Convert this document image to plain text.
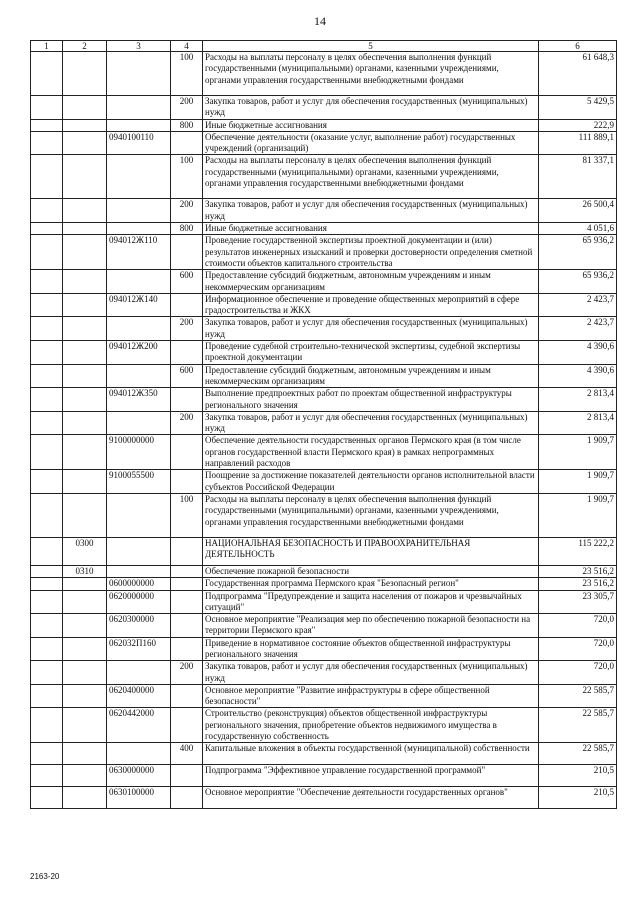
14
1	2	3	4	5	6
			100	Расходы на выплаты персоналу в целях обеспечения выполнения функций государственными (муниципальными) органами, казенными учреждениями, органами управления государственными внебюджетными фондами	61 648,3
			200	Закупка товаров, работ и услуг для обеспечения государственных (муниципальных) нужд	5 429,5
			800	Иные бюджетные ассигнования	222,9
		0940100110		Обеспечение деятельности (оказание услуг, выполнение работ) государственных учреждений (организаций)	111 889,1
			100	Расходы на выплаты персоналу в целях обеспечения выполнения функций государственными (муниципальными) органами, казенными учреждениями, органами управления государственными внебюджетными фондами	81 337,1
			200	Закупка товаров, работ и услуг для обеспечения государственных (муниципальных) нужд	26 500,4
			800	Иные бюджетные ассигнования	4 051,6
		094012Ж110		Проведение государственной экспертизы проектной документации и (или) результатов инженерных изысканий и проверки достоверности определения сметной стоимости объектов капитального строительства	65 936,2
			600	Предоставление субсидий бюджетным, автономным учреждениям и иным некоммерческим организациям	65 936,2
		094012Ж140		Информационное обеспечение и проведение общественных мероприятий в сфере градостроительства и ЖКХ	2 423,7
			200	Закупка товаров, работ и услуг для обеспечения государственных (муниципальных) нужд	2 423,7
		094012Ж200		Проведение судебной строительно-технической экспертизы, судебной экспертизы проектной документации	4 390,6
			600	Предоставление субсидий бюджетным, автономным учреждениям и иным некоммерческим организациям	4 390,6
		094012Ж350		Выполнение предпроектных работ по проектам общественной инфраструктуры регионального значения	2 813,4
			200	Закупка товаров, работ и услуг для обеспечения государственных (муниципальных) нужд	2 813,4
		9100000000		Обеспечение деятельности государственных органов Пермского края (в том числе органов государственной власти Пермского края) в рамках непрограммных направлений расходов	1 909,7
		9100055500		Поощрение за достижение показателей деятельности органов исполнительной власти субъектов Российской Федерации	1 909,7
			100	Расходы на выплаты персоналу в целях обеспечения выполнения функций государственными (муниципальными) органами, казенными учреждениями, органами управления государственными внебюджетными фондами	1 909,7
	0300			НАЦИОНАЛЬНАЯ БЕЗОПАСНОСТЬ И ПРАВООХРАНИТЕЛЬНАЯ ДЕЯТЕЛЬНОСТЬ	115 222,2
	0310			Обеспечение пожарной безопасности	23 516,2
		0600000000		Государственная программа Пермского края "Безопасный регион"	23 516,2
		0620000000		Подпрограмма "Предупреждение и защита населения от пожаров и чрезвычайных ситуаций"	23 305,7
		0620300000		Основное мероприятие "Реализация мер по обеспечению пожарной безопасности на территории Пермского края"	720,0
		062032П160		Приведение в нормативное состояние объектов общественной инфраструктуры регионального значения	720,0
			200	Закупка товаров, работ и услуг для обеспечения государственных (муниципальных) нужд	720,0
		0620400000		Основное мероприятие "Развитие инфраструктуры в сфере общественной безопасности"	22 585,7
		0620442000		Строительство (реконструкция) объектов общественной инфраструктуры регионального значения, приобретение объектов недвижимого имущества в государственную собственность	22 585,7
			400	Капитальные вложения в объекты государственной (муниципальной) собственности	22 585,7
		0630000000		Подпрограмма "Эффективное управление государственной программой"	210,5
		0630100000		Основное мероприятие "Обеспечение деятельности государственных органов"	210,5
2163-20
